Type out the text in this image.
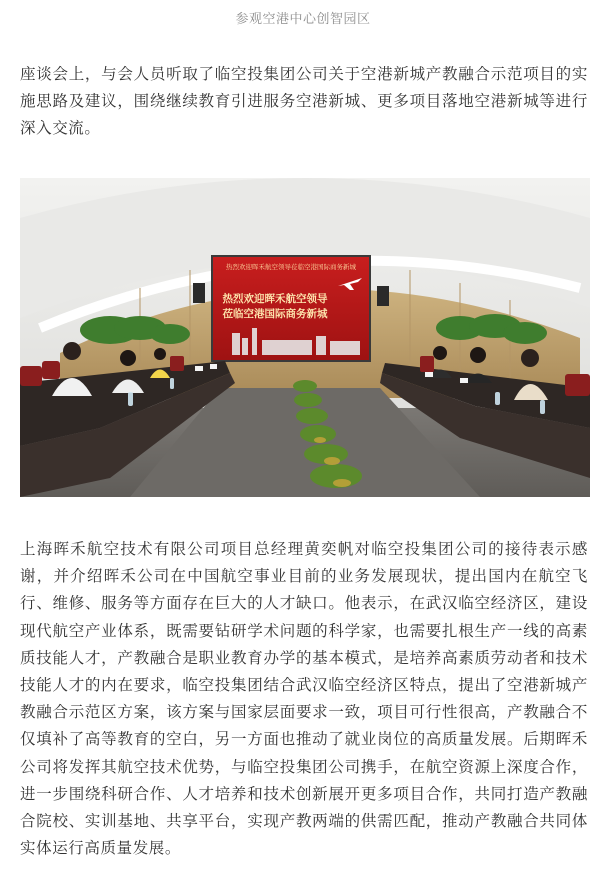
参观空港中心创智园区

座谈会上，与会人员听取了临空投集团公司关于空港新城产教融合示范项目的实施思路及建议，围绕继续教育引进服务空港新城、更多项目落地空港新城等进行深入交流。

热烈欢迎晖禾航空领导莅临空港国际商务新城
热烈欢迎晖禾航空领导
莅临空港国际商务新城

上海晖禾航空技术有限公司项目总经理黄奕帆对临空投集团公司的接待表示感谢，并介绍晖禾公司在中国航空事业目前的业务发展现状，提出国内在航空飞行、维修、服务等方面存在巨大的人才缺口。他表示，在武汉临空经济区，建设现代航空产业体系，既需要钻研学术问题的科学家，也需要扎根生产一线的高素质技能人才，产教融合是职业教育办学的基本模式，是培养高素质劳动者和技术技能人才的内在要求，临空投集团结合武汉临空经济区特点，提出了空港新城产教融合示范区方案，该方案与国家层面要求一致，项目可行性很高，产教融合不仅填补了高等教育的空白，另一方面也推动了就业岗位的高质量发展。后期晖禾公司将发挥其航空技术优势，与临空投集团公司携手，在航空资源上深度合作，进一步围绕科研合作、人才培养和技术创新展开更多项目合作，共同打造产教融合院校、实训基地、共享平台，实现产教两端的供需匹配，推动产教融合共同体实体运行高质量发展。
